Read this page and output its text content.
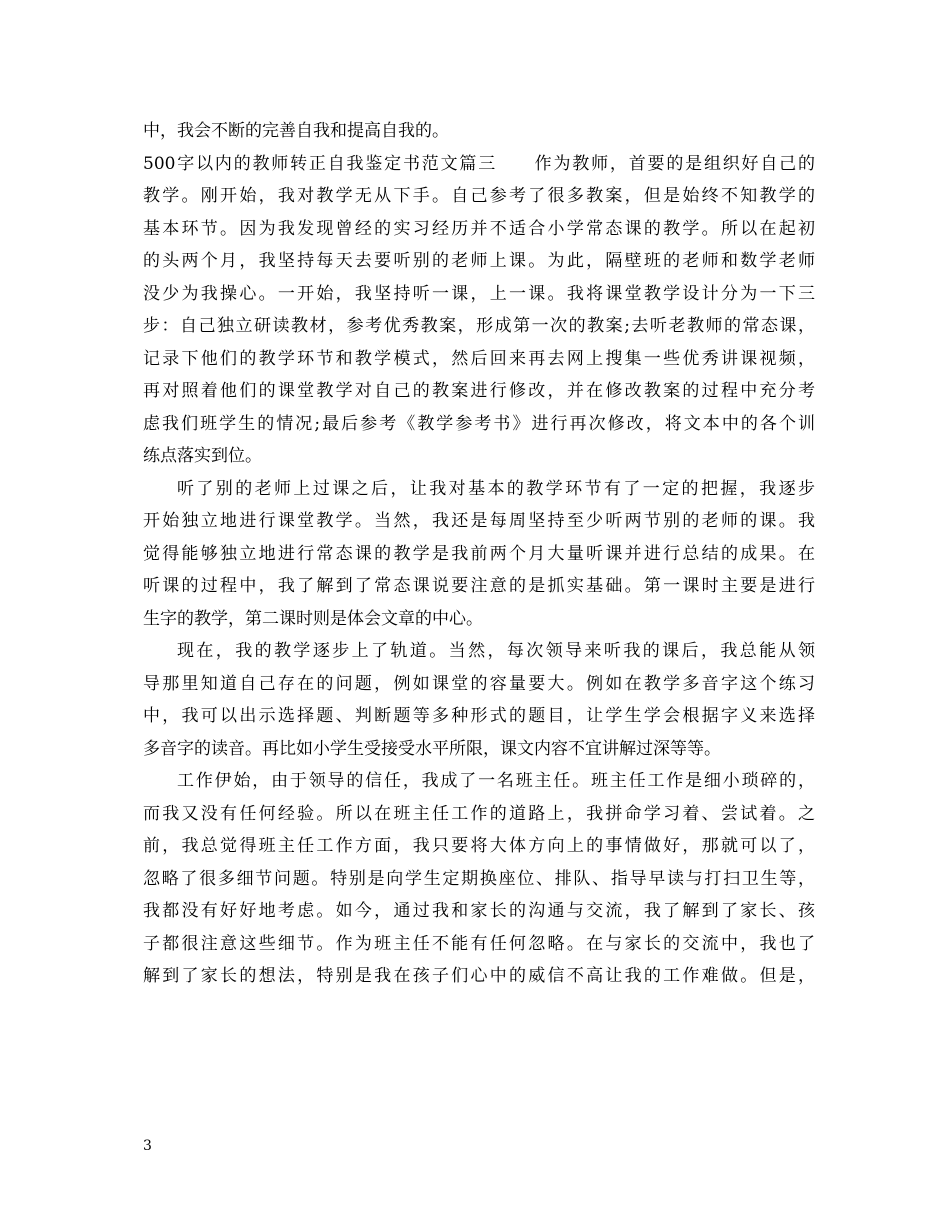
中，我会不断的完善自我和提高自我的。
500字以内的教师转正自我鉴定书范文篇三　　作为教师，首要的是组织好自己的
教学。刚开始，我对教学无从下手。自己参考了很多教案，但是始终不知教学的
基本环节。因为我发现曾经的实习经历并不适合小学常态课的教学。所以在起初
的头两个月，我坚持每天去要听别的老师上课。为此，隔壁班的老师和数学老师
没少为我操心。一开始，我坚持听一课，上一课。我将课堂教学设计分为一下三
步：自己独立研读教材，参考优秀教案，形成第一次的教案;去听老教师的常态课，
记录下他们的教学环节和教学模式，然后回来再去网上搜集一些优秀讲课视频，
再对照着他们的课堂教学对自己的教案进行修改，并在修改教案的过程中充分考
虑我们班学生的情况;最后参考《教学参考书》进行再次修改，将文本中的各个训
练点落实到位。
听了别的老师上过课之后，让我对基本的教学环节有了一定的把握，我逐步
开始独立地进行课堂教学。当然，我还是每周坚持至少听两节别的老师的课。我
觉得能够独立地进行常态课的教学是我前两个月大量听课并进行总结的成果。在
听课的过程中，我了解到了常态课说要注意的是抓实基础。第一课时主要是进行
生字的教学，第二课时则是体会文章的中心。
现在，我的教学逐步上了轨道。当然，每次领导来听我的课后，我总能从领
导那里知道自己存在的问题，例如课堂的容量要大。例如在教学多音字这个练习
中，我可以出示选择题、判断题等多种形式的题目，让学生学会根据字义来选择
多音字的读音。再比如小学生受接受水平所限，课文内容不宜讲解过深等等。
工作伊始，由于领导的信任，我成了一名班主任。班主任工作是细小琐碎的，
而我又没有任何经验。所以在班主任工作的道路上，我拼命学习着、尝试着。之
前，我总觉得班主任工作方面，我只要将大体方向上的事情做好，那就可以了，
忽略了很多细节问题。特别是向学生定期换座位、排队、指导早读与打扫卫生等，
我都没有好好地考虑。如今，通过我和家长的沟通与交流，我了解到了家长、孩
子都很注意这些细节。作为班主任不能有任何忽略。在与家长的交流中，我也了
解到了家长的想法，特别是我在孩子们心中的威信不高让我的工作难做。但是，
3
